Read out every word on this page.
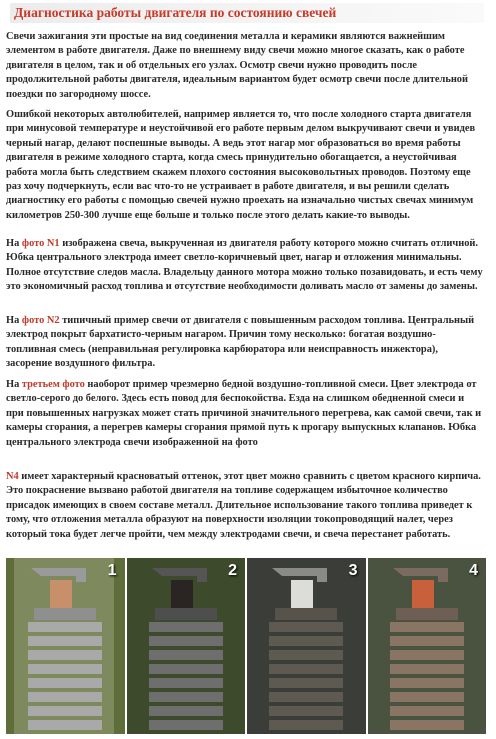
Диагностика работы двигателя по состоянию свечей

Свечи зажигания эти простые на вид соединения металла и керамики являются важнейшим элементом в работе двигателя. Даже по внешнему виду свечи можно многое сказать, как о работе двигателя в целом, так и об отдельных его узлах. Осмотр свечи нужно проводить после продолжительной работы двигателя, идеальным вариантом будет осмотр свечи после длительной поездки по загородному шоссе.

Ошибкой некоторых автолюбителей, например является то, что после холодного старта двигателя при минусовой температуре и неустойчивой его работе первым делом выкручивают свечи и увидев черный нагар, делают поспешные выводы. А ведь этот нагар мог образоваться во время работы двигателя в режиме холодного старта, когда смесь принудительно обогащается, а неустойчивая работа могла быть следствием скажем плохого состояния высоковольтных проводов. Поэтому еще раз хочу подчеркнуть, если вас что-то не устраивает в работе двигателя, и вы решили сделать диагностику его работы с помощью свечей нужно проехать на изначально чистых свечах минимум километров 250-300 лучше еще больше и только после этого делать какие-то выводы.

На фото N1 изображена свеча, выкрученная из двигателя работу которого можно считать отличной. Юбка центрального электрода имеет светло-коричневый цвет, нагар и отложения минимальны. Полное отсутствие следов масла. Владельцу данного мотора можно только позавидовать, и есть чему это экономичный расход топлива и отсутствие необходимости доливать масло от замены до замены.

На фото N2 типичный пример свечи от двигателя с повышенным расходом топлива. Центральный электрод покрыт бархатисто-черным нагаром. Причин тому несколько: богатая воздушно-топливная смесь (неправильная регулировка карбюратора или неисправность инжектора), засорение воздушного фильтра.

На третьем фото наоборот пример чрезмерно бедной воздушно-топливной смеси. Цвет электрода от светло-серого до белого. Здесь есть повод для беспокойства. Езда на слишком обедненной смеси и при повышенных нагрузках может стать причиной значительного перегрева, как самой свечи, так и камеры сгорания, а перегрев камеры сгорания прямой путь к прогару выпускных клапанов. Юбка центрального электрода свечи изображенной на фото

N4 имеет характерный красноватый оттенок, этот цвет можно сравнить с цветом красного кирпича. Это покраснение вызвано работой двигателя на топливе содержащем избыточное количество присадок имеющих в своем составе металл. Длительное использование такого топлива приведет к тому, что отложения металла образуют на поверхности изоляции токопроводящий налет, через который тока будет легче пройти, чем между электродами свечи, и свеча перестанет работать.

1	2	3	4
